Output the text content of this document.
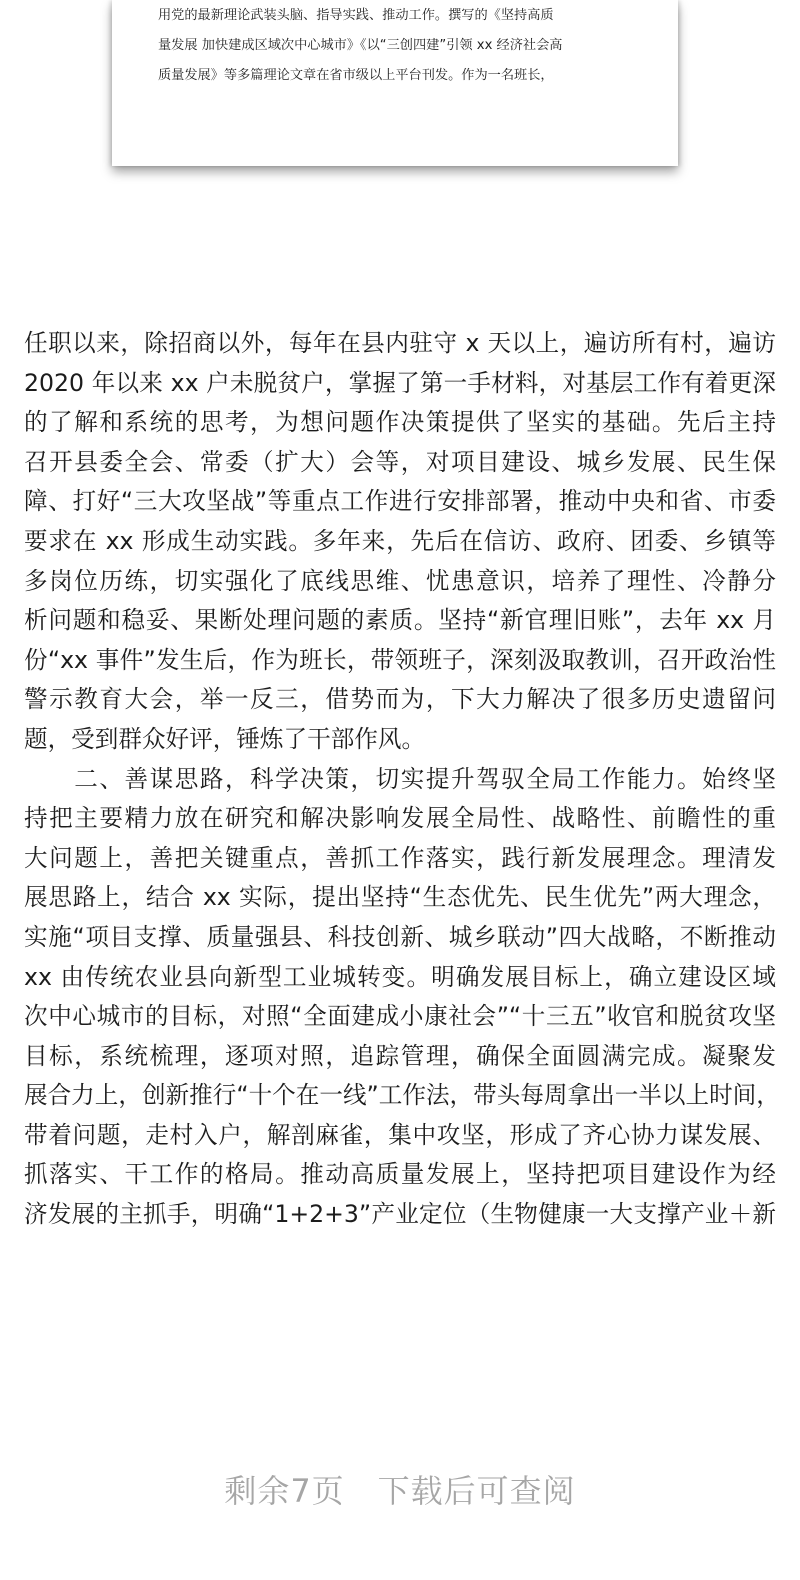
用党的最新理论武装头脑、指导实践、推动工作。撰写的《坚持高质
量发展 加快建成区域次中心城市》《以“三创四建”引领 xx 经济社会高
质量发展》等多篇理论文章在省市级以上平台刊发。作为一名班长，
任职以来，除招商以外，每年在县内驻守 x 天以上，遍访所有村，遍访
2020 年以来 xx 户未脱贫户，掌握了第一手材料，对基层工作有着更深
的了解和系统的思考，为想问题作决策提供了坚实的基础。先后主持
召开县委全会、常委（扩大）会等，对项目建设、城乡发展、民生保
障、打好“三大攻坚战”等重点工作进行安排部署，推动中央和省、市委
要求在 xx 形成生动实践。多年来，先后在信访、政府、团委、乡镇等
多岗位历练，切实强化了底线思维、忧患意识，培养了理性、冷静分
析问题和稳妥、果断处理问题的素质。坚持“新官理旧账”，去年 xx 月
份“xx 事件”发生后，作为班长，带领班子，深刻汲取教训，召开政治性
警示教育大会，举一反三，借势而为，下大力解决了很多历史遗留问
题，受到群众好评，锤炼了干部作风。
　　二、善谋思路，科学决策，切实提升驾驭全局工作能力。始终坚
持把主要精力放在研究和解决影响发展全局性、战略性、前瞻性的重
大问题上，善把关键重点，善抓工作落实，践行新发展理念。理清发
展思路上，结合 xx 实际，提出坚持“生态优先、民生优先”两大理念，
实施“项目支撑、质量强县、科技创新、城乡联动”四大战略，不断推动
xx 由传统农业县向新型工业城转变。明确发展目标上，确立建设区域
次中心城市的目标，对照“全面建成小康社会”“十三五”收官和脱贫攻坚
目标，系统梳理，逐项对照，追踪管理，确保全面圆满完成。凝聚发
展合力上，创新推行“十个在一线”工作法，带头每周拿出一半以上时间，
带着问题，走村入户，解剖麻雀，集中攻坚，形成了齐心协力谋发展、
抓落实、干工作的格局。推动高质量发展上，坚持把项目建设作为经
济发展的主抓手，明确“1+2+3”产业定位（生物健康一大支撑产业＋新
剩余7页　下载后可查阅
